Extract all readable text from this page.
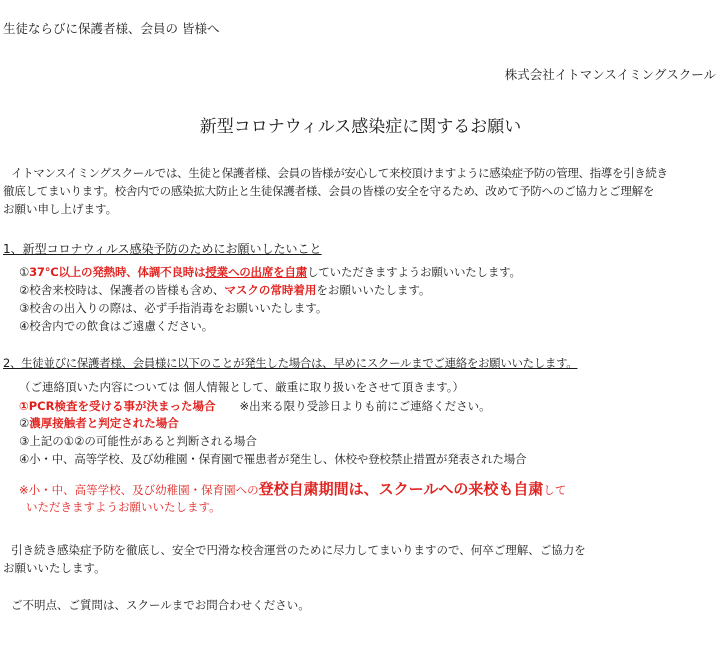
生徒ならびに保護者様、会員の 皆様へ
株式会社イトマンスイミングスクール
新型コロナウィルス感染症に関するお願い
イトマンスイミングスクールでは、生徒と保護者様、会員の皆様が安心して来校頂けますように感染症予防の管理、指導を引き続き
徹底してまいります。校舎内での感染拡大防止と生徒保護者様、会員の皆様の安全を守るため、改めて予防へのご協力とご理解を
お願い申し上げます。
1、新型コロナウィルス感染予防のためにお願いしたいこと
①37℃以上の発熱時、体調不良時は授業への出席を自粛していただきますようお願いいたします。
②校舎来校時は、保護者の皆様も含め、マスクの常時着用をお願いいたします。
③校舎の出入りの際は、必ず手指消毒をお願いいたします。
④校舎内での飲食はご遠慮ください。
2、生徒並びに保護者様、会員様に以下のことが発生した場合は、早めにスクールまでご連絡をお願いいたします。
（ご連絡頂いた内容については 個人情報として、厳重に取り扱いをさせて頂きます。）
①PCR検査を受ける事が決まった場合 ※出来る限り受診日よりも前にご連絡ください。
②濃厚接触者と判定された場合
③上記の①②の可能性があると判断される場合
④小・中、高等学校、及び幼稚園・保育園で罹患者が発生し、休校や登校禁止措置が発表された場合
※小・中、高等学校、及び幼稚園・保育園への登校自粛期間は、スクールへの来校も自粛して
いただきますようお願いいたします。
引き続き感染症予防を徹底し、安全で円滑な校舎運営のために尽力してまいりますので、何卒ご理解、ご協力を
お願いいたします。
ご不明点、ご質問は、スクールまでお問合わせください。
